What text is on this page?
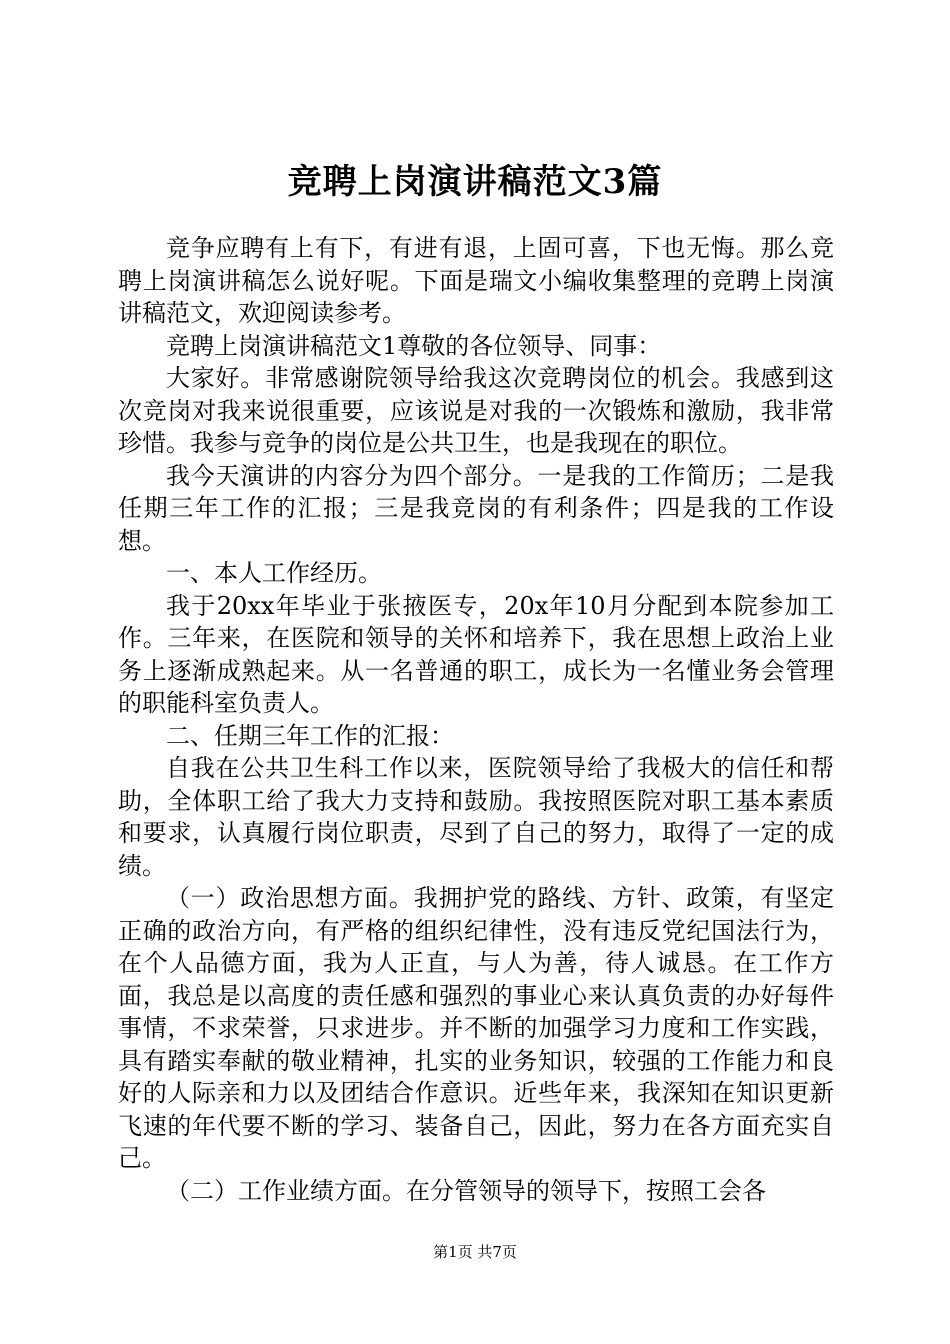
竞聘上岗演讲稿范文3篇

竞争应聘有上有下，有进有退，上固可喜，下也无悔。那么竞聘上岗演讲稿怎么说好呢。下面是瑞文小编收集整理的竞聘上岗演讲稿范文，欢迎阅读参考。

竞聘上岗演讲稿范文1尊敬的各位领导、同事：

大家好。非常感谢院领导给我这次竞聘岗位的机会。我感到这次竞岗对我来说很重要，应该说是对我的一次锻炼和激励，我非常珍惜。我参与竞争的岗位是公共卫生，也是我现在的职位。

我今天演讲的内容分为四个部分。一是我的工作简历；二是我任期三年工作的汇报；三是我竞岗的有利条件；四是我的工作设想。

一、本人工作经历。

我于20xx年毕业于张掖医专，20x年10月分配到本院参加工作。三年来，在医院和领导的关怀和培养下，我在思想上政治上业务上逐渐成熟起来。从一名普通的职工，成长为一名懂业务会管理的职能科室负责人。

二、任期三年工作的汇报：

自我在公共卫生科工作以来，医院领导给了我极大的信任和帮助，全体职工给了我大力支持和鼓励。我按照医院对职工基本素质和要求，认真履行岗位职责，尽到了自己的努力，取得了一定的成绩。

（一）政治思想方面。我拥护党的路线、方针、政策，有坚定正确的政治方向，有严格的组织纪律性，没有违反党纪国法行为，在个人品德方面，我为人正直，与人为善，待人诚恳。在工作方面，我总是以高度的责任感和强烈的事业心来认真负责的办好每件事情，不求荣誉，只求进步。并不断的加强学习力度和工作实践，具有踏实奉献的敬业精神，扎实的业务知识，较强的工作能力和良好的人际亲和力以及团结合作意识。近些年来，我深知在知识更新飞速的年代要不断的学习、装备自己，因此，努力在各方面充实自己。

（二）工作业绩方面。在分管领导的领导下，按照工会各

第1页 共7页
